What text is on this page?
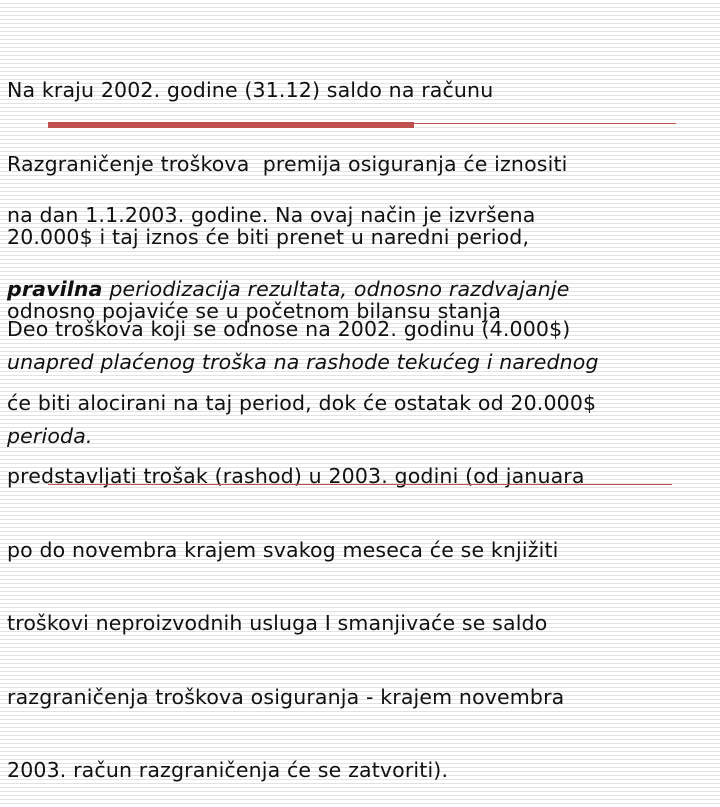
Na kraju 2002. godine (31.12) saldo na računu

Razgraničenje troškova  premija osiguranja će iznositi

20.000$ i taj iznos će biti prenet u naredni period,

odnosno pojaviće se u početnom bilansu stanja

na dan 1.1.2003. godine. Na ovaj način je izvršena

pravilna periodizacija rezultata, odnosno razdvajanje

unapred plaćenog troška na rashode tekućeg i narednog

perioda.

Deo troškova koji se odnose na 2002. godinu (4.000$)

će biti alocirani na taj period, dok će ostatak od 20.000$

predstavljati trošak (rashod) u 2003. godini (od januara

po do novembra krajem svakog meseca će se knjižiti

troškovi neproizvodnih usluga I smanjivaće se saldo

razgraničenja troškova osiguranja - krajem novembra

2003. račun razgraničenja će se zatvoriti).
